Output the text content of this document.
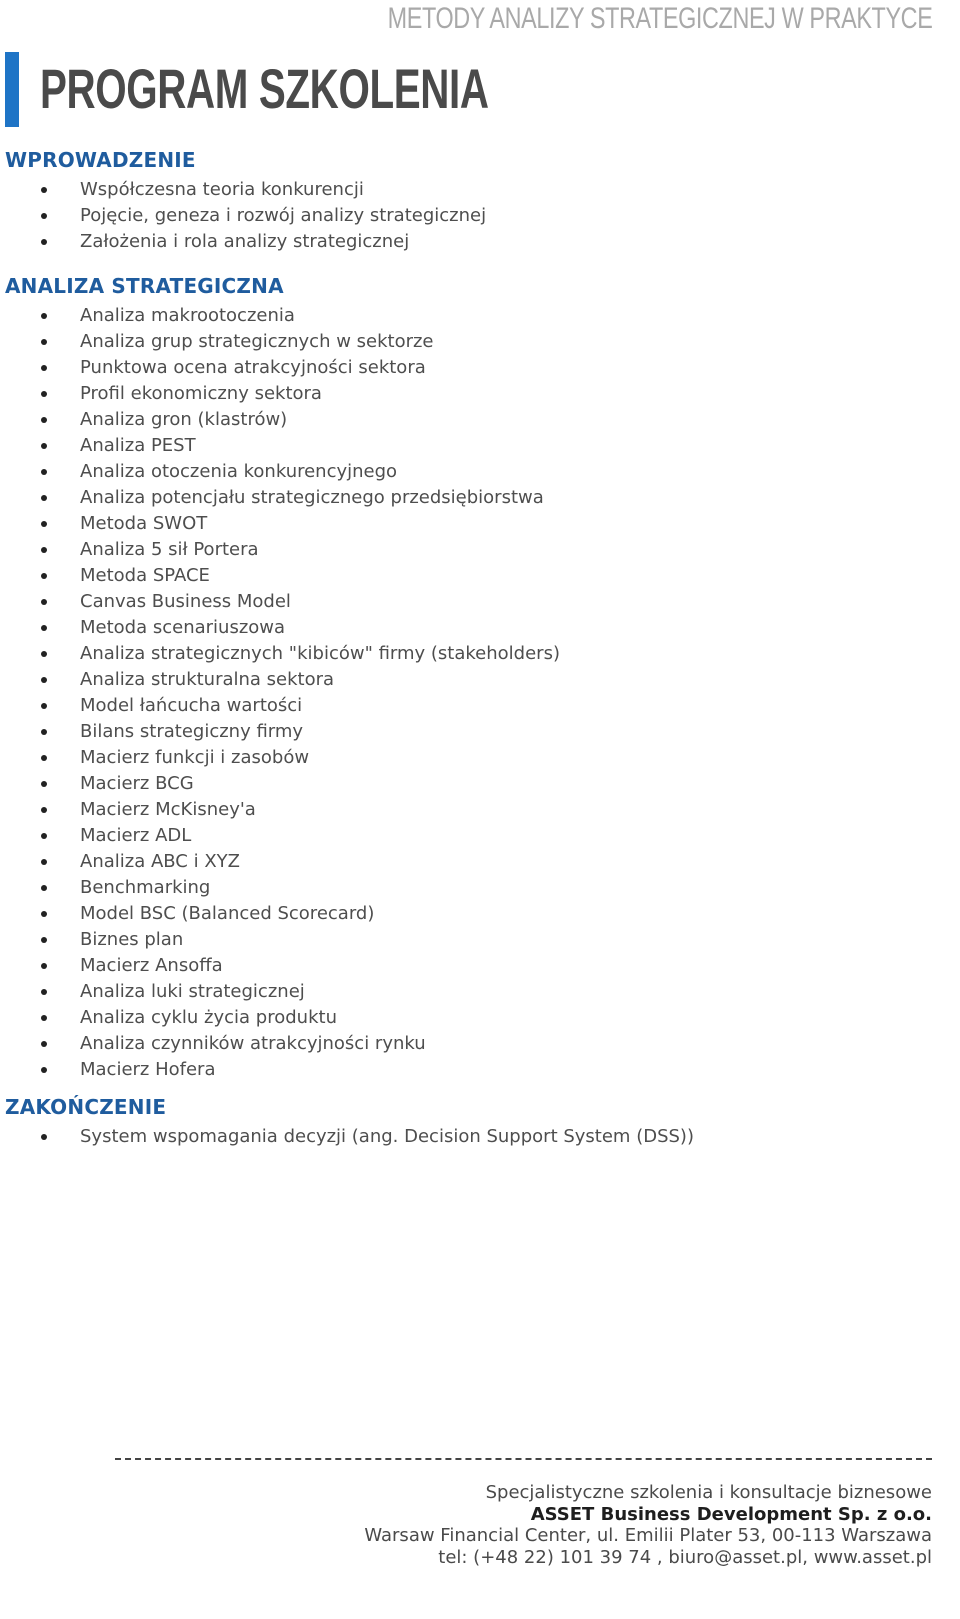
METODY ANALIZY STRATEGICZNEJ W PRAKTYCE
PROGRAM SZKOLENIA
WPROWADZENIE
Współczesna teoria konkurencji
Pojęcie, geneza i rozwój analizy strategicznej
Założenia i rola analizy strategicznej
ANALIZA STRATEGICZNA
Analiza makrootoczenia
Analiza grup strategicznych w sektorze
Punktowa ocena atrakcyjności sektora
Profil ekonomiczny sektora
Analiza gron (klastrów)
Analiza PEST
Analiza otoczenia konkurencyjnego
Analiza potencjału strategicznego przedsiębiorstwa
Metoda SWOT
Analiza 5 sił Portera
Metoda SPACE
Canvas Business Model
Metoda scenariuszowa
Analiza strategicznych "kibiców" firmy (stakeholders)
Analiza strukturalna sektora
Model łańcucha wartości
Bilans strategiczny firmy
Macierz funkcji i zasobów
Macierz BCG
Macierz McKisney'a
Macierz ADL
Analiza ABC i XYZ
Benchmarking
Model BSC (Balanced Scorecard)
Biznes plan
Macierz Ansoffa
Analiza luki strategicznej
Analiza cyklu życia produktu
Analiza czynników atrakcyjności rynku
Macierz Hofera
ZAKOŃCZENIE
System wspomagania decyzji (ang. Decision Support System (DSS))
Specjalistyczne szkolenia i konsultacje biznesowe
ASSET Business Development Sp. z o.o.
Warsaw Financial Center, ul. Emilii Plater 53, 00-113 Warszawa
tel: (+48 22) 101 39 74 , biuro@asset.pl, www.asset.pl
